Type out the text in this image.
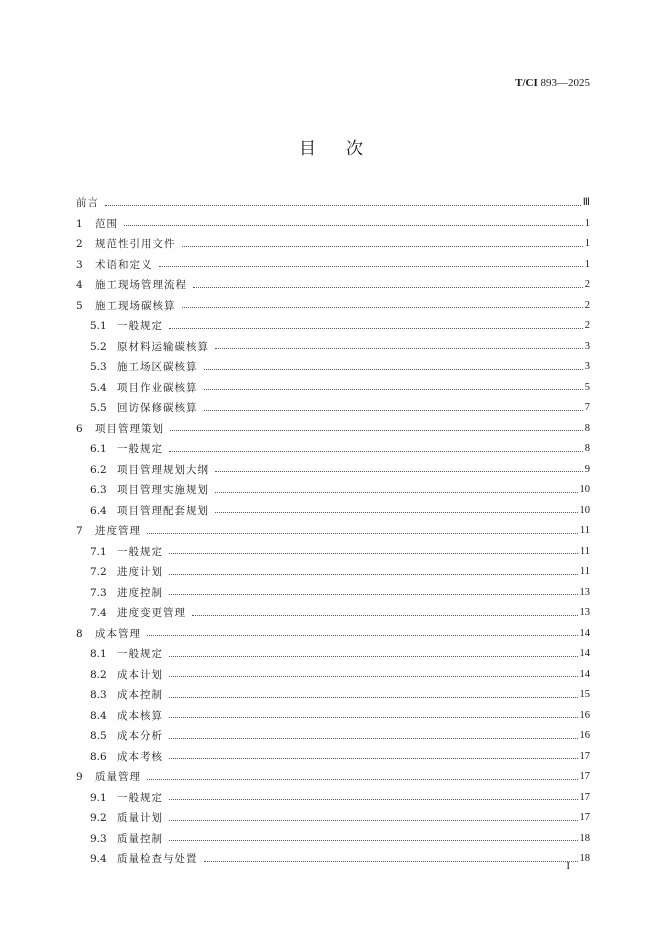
T/CI 893—2025
目次
前言	Ⅲ
1	范围	1
2	规范性引用文件	1
3	术语和定义	1
4	施工现场管理流程	2
5	施工现场碳核算	2
5.1 一般规定	2
5.2 原材料运输碳核算	3
5.3 施工场区碳核算	3
5.4 项目作业碳核算	5
5.5 回访保修碳核算	7
6	项目管理策划	8
6.1 一般规定	8
6.2 项目管理规划大纲	9
6.3 项目管理实施规划	10
6.4 项目管理配套规划	10
7	进度管理	11
7.1 一般规定	11
7.2 进度计划	11
7.3 进度控制	13
7.4 进度变更管理	13
8	成本管理	14
8.1 一般规定	14
8.2 成本计划	14
8.3 成本控制	15
8.4 成本核算	16
8.5 成本分析	16
8.6 成本考核	17
9	质量管理	17
9.1 一般规定	17
9.2 质量计划	17
9.3 质量控制	18
9.4 质量检查与处置	18
I
